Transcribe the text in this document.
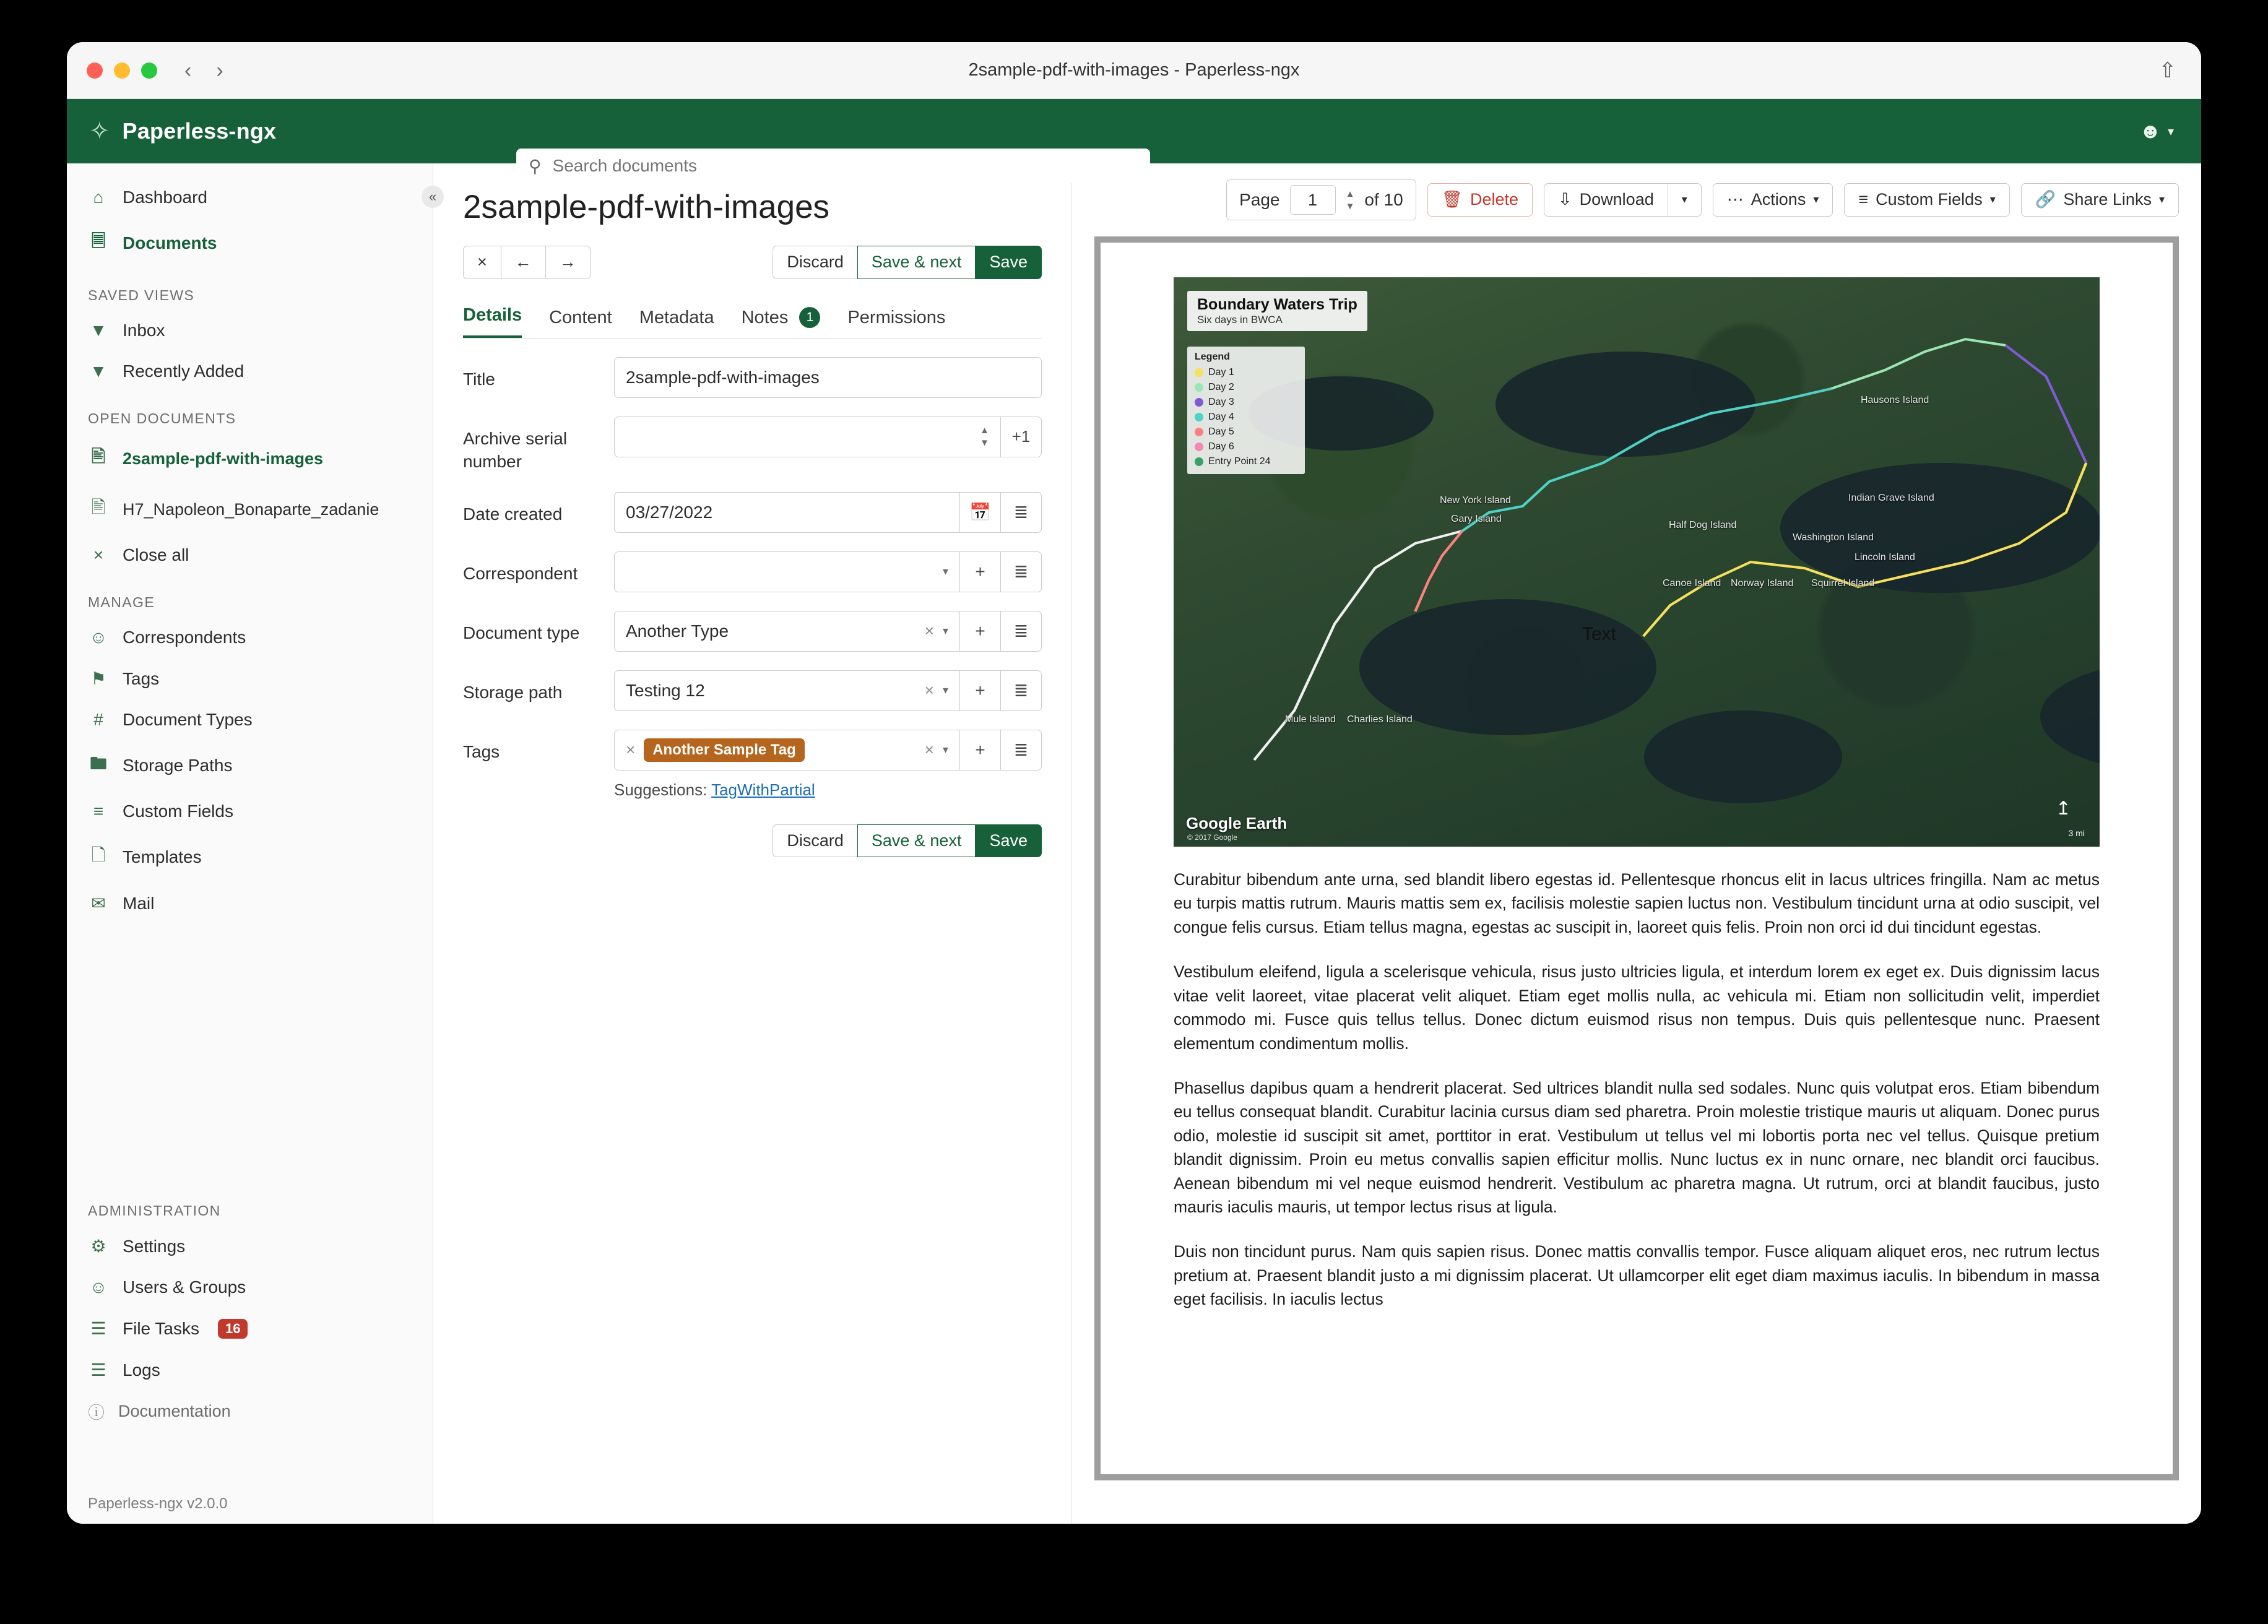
‹ ›	2sample-pdf-with-images - Paperless-ngx	⇧
✧ Paperless-ngx	☻ ▾
⚲
Search documents
«
⌂	Dashboard
🗏 Documents
SAVED VIEWS
▼ Inbox
▼ Recently Added
OPEN DOCUMENTS
🖹 2sample-pdf-with-images
🖹 H7_Napoleon_Bonaparte_zadanie
×	Close all
MANAGE
☺ Correspondents
⚑ Tags
#	Document Types
🖿 Storage Paths
≡	Custom Fields
🗋 Templates
✉ Mail
ADMINISTRATION
⚙ Settings
☺ Users & Groups
☰ File Tasks	16
☰ Logs
ⓘ Documentation
Paperless-ngx v2.0.0
2sample-pdf-with-images
× ← →	Discard	Save & next	Save
Details Content Metadata Notes 1	Permissions
Title	2sample-pdf-with-images
Archive serial number
▲
▼	+1
Date created	03/27/2022	📅	≣
Correspondent	▾	+	≣
Document type	Another Type	× ▾	+	≣
Storage path	Testing 12	× ▾	+	≣
Tags	×	Another Sample Tag	× ▾	+	≣
Suggestions: TagWithPartial
Discard	Save & next	Save
Page	1	▲
▼ of 10 🗑 Delete ⇩ Download	▾ ⋯ Actions ▾ ≡ Custom Fields ▾ 🔗 Share Links ▾
Boundary Waters Trip
Six days in BWCA
Legend
Day 1
Day 2
Day 3
Day 4
Day 5
Day 6
Entry Point 24
Hausons Island
New York Island
Gary Island
Indian Grave Island
Half Dog Island
Washington Island
Lincoln Island
Canoe Island Norway Island Squirrel Island
Mule Island Charlies Island
Text
Google Earth
© 2017 Google	3 mi
↥
Curabitur bibendum ante urna, sed blandit libero egestas id. Pellentesque rhoncus elit in lacus ultrices fringilla. Nam ac metus eu turpis mattis rutrum. Mauris mattis sem ex, facilisis molestie sapien luctus non. Vestibulum tincidunt urna at odio suscipit, vel congue felis cursus. Etiam tellus magna, egestas ac suscipit in, laoreet quis felis. Proin non orci id dui tincidunt egestas.
Vestibulum eleifend, ligula a scelerisque vehicula, risus justo ultricies ligula, et interdum lorem ex eget ex. Duis dignissim lacus vitae velit laoreet, vitae placerat velit aliquet. Etiam eget mollis nulla, ac vehicula mi. Etiam non sollicitudin velit, imperdiet commodo mi. Fusce quis tellus tellus. Donec dictum euismod risus non tempus. Duis quis pellentesque nunc. Praesent elementum condimentum mollis.
Phasellus dapibus quam a hendrerit placerat. Sed ultrices blandit nulla sed sodales. Nunc quis volutpat eros. Etiam bibendum eu tellus consequat blandit. Curabitur lacinia cursus diam sed pharetra. Proin molestie tristique mauris ut aliquam. Donec purus odio, molestie id suscipit sit amet, porttitor in erat. Vestibulum ut tellus vel mi lobortis porta nec vel tellus. Quisque pretium blandit dignissim. Proin eu metus convallis sapien efficitur mollis. Nunc luctus ex in nunc ornare, nec blandit orci faucibus. Aenean bibendum mi vel neque euismod hendrerit. Vestibulum ac pharetra magna. Ut rutrum, orci at blandit faucibus, justo mauris iaculis mauris, ut tempor lectus risus at ligula.
Duis non tincidunt purus. Nam quis sapien risus. Donec mattis convallis tempor. Fusce aliquam aliquet eros, nec rutrum lectus pretium at. Praesent blandit justo a mi dignissim placerat. Ut ullamcorper elit eget diam maximus iaculis. In bibendum in massa eget facilisis. In iaculis lectus
